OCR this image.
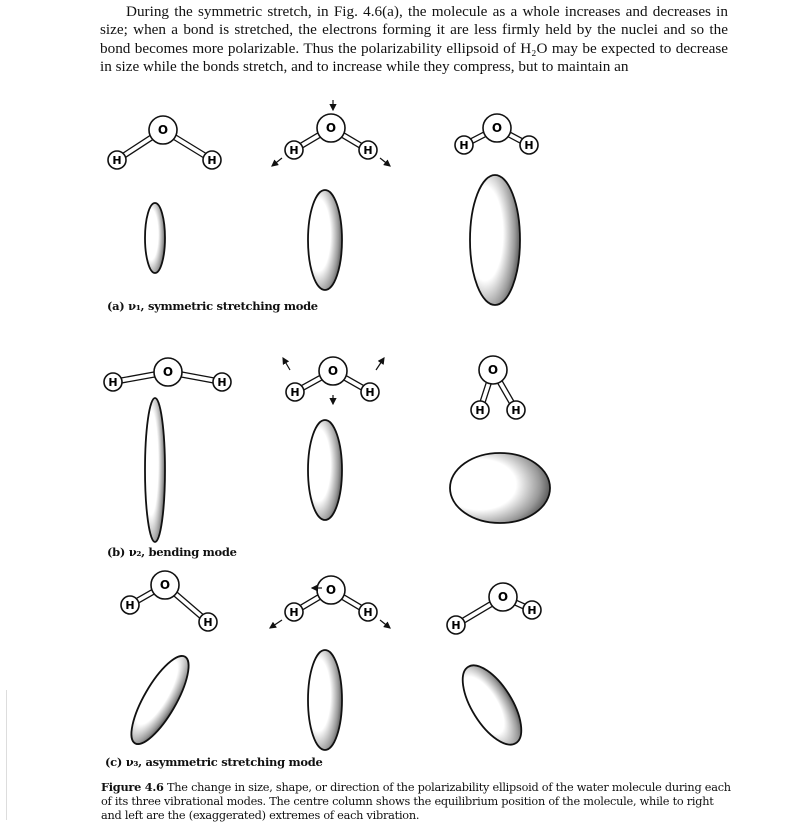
During the symmetric stretch, in Fig. 4.6(a), the molecule as a whole increases and decreases in size; when a bond is stretched, the electrons forming it are less firmly held by the nuclei and so the bond becomes more polarizable. Thus the polarizability ellipsoid of H₂O may be expected to decrease in size while the bonds stretch, and to increase while they compress, but to maintain an

H	H
O
H	H
O
H	H
O
H	H
O
H	H
O
H H
O
H
H
O
H	H
O
H
H
O
(a) ν₁, symmetric stretching mode
(b) ν₂, bending mode
(c) ν₃, asymmetric stretching mode
Figure 4.6 The change in size, shape, or direction of the polarizability ellipsoid of the water molecule during each of its three vibrational modes. The centre column shows the equilibrium position of the molecule, while to right and left are the (exaggerated) extremes of each vibration.
